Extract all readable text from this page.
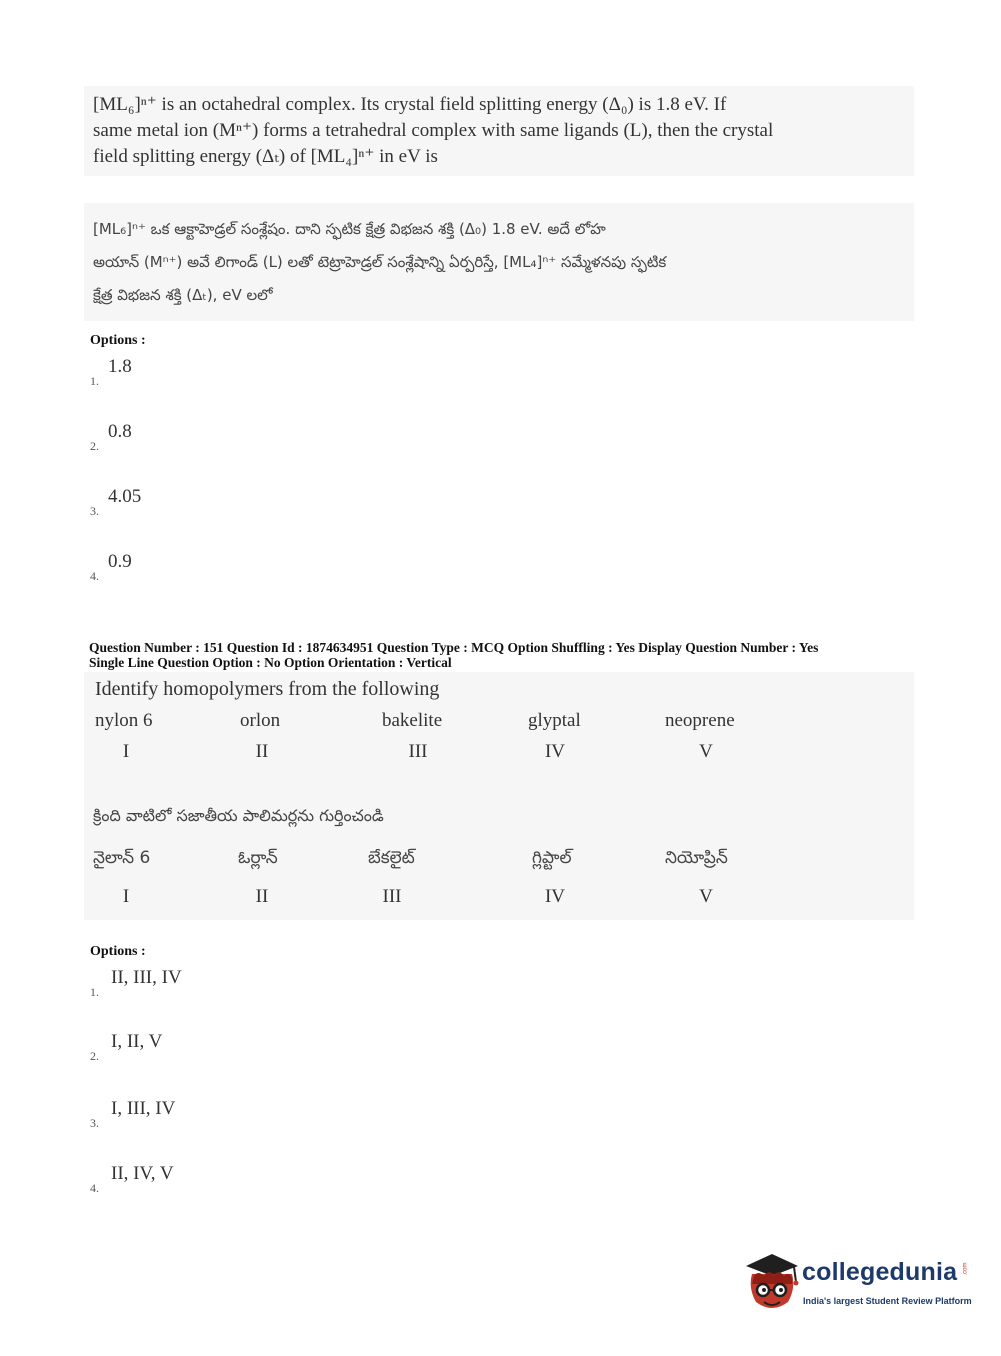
[ML₆]ⁿ⁺ is an octahedral complex. Its crystal field splitting energy (Δ₀) is 1.8 eV. If
same metal ion (Mⁿ⁺) forms a tetrahedral complex with same ligands (L), then the crystal
field splitting energy (Δₜ) of [ML₄]ⁿ⁺ in eV is
[ML₆]ⁿ⁺ ఒక ఆక్టాహెడ్రల్ సంశ్లేషం. దాని స్ఫటిక క్షేత్ర విభజన శక్తి (Δ₀) 1.8 eV. అదే లోహ
అయాన్ (Mⁿ⁺) అవే లిగాండ్ (L) లతో టెట్రాహెడ్రల్ సంశ్లేషాన్ని ఏర్పరిస్తే, [ML₄]ⁿ⁺ సమ్మేళనపు స్ఫటిక
క్షేత్ర విభజన శక్తి (Δₜ), eV లలో
Options :
1.
1.8
2.
0.8
3.
4.05
4.
0.9
Question Number : 151 Question Id : 1874634951 Question Type : MCQ Option Shuffling : Yes Display Question Number : Yes
Single Line Question Option : No Option Orientation : Vertical
Identify homopolymers from the following
nylon 6	orlon	bakelite	glyptal	neoprene
I	II	III	IV	V
క్రింది వాటిలో సజాతీయ పాలిమర్లను గుర్తించండి
నైలాన్ 6	ఓర్లాన్	బేకలైట్	గ్లిప్టాల్	నియోప్రిన్
I	II	III	IV	V
Options :
1.
II, III, IV
2.
I, II, V
3.
I, III, IV
4.
II, IV, V
collegedunia .com
India's largest Student Review Platform
